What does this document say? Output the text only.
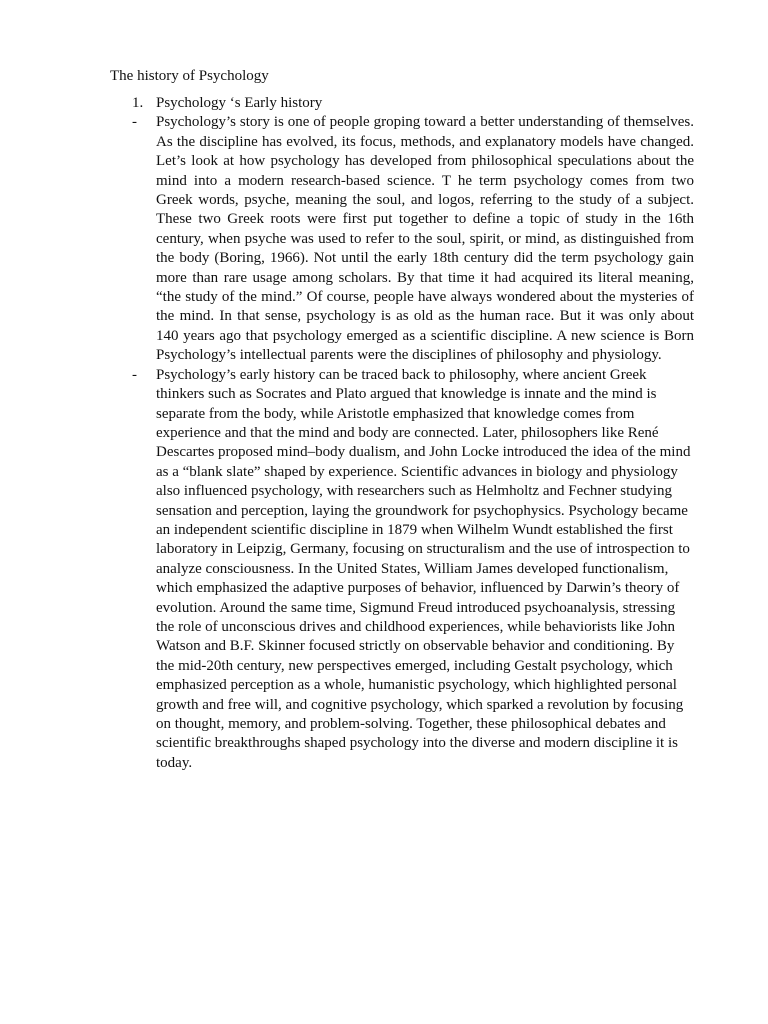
The history of Psychology
1. Psychology ‘s Early history
- Psychology’s story is one of people groping toward a better understanding of themselves. As the discipline has evolved, its focus, methods, and explanatory models have changed. Let’s look at how psychology has developed from philosophical speculations about the mind into a modern research-based science. T he term psychology comes from two Greek words, psyche, meaning the soul, and logos, referring to the study of a subject. These two Greek roots were first put together to define a topic of study in the 16th century, when psyche was used to refer to the soul, spirit, or mind, as distinguished from the body (Boring, 1966). Not until the early 18th century did the term psychology gain more than rare usage among scholars. By that time it had acquired its literal meaning, “the study of the mind.” Of course, people have always wondered about the mysteries of the mind. In that sense, psychology is as old as the human race. But it was only about 140 years ago that psychology emerged as a scientific discipline. A new science is Born Psychology’s intellectual parents were the disciplines of philosophy and physiology.
- Psychology’s early history can be traced back to philosophy, where ancient Greek thinkers such as Socrates and Plato argued that knowledge is innate and the mind is separate from the body, while Aristotle emphasized that knowledge comes from experience and that the mind and body are connected. Later, philosophers like René Descartes proposed mind–body dualism, and John Locke introduced the idea of the mind as a “blank slate” shaped by experience. Scientific advances in biology and physiology also influenced psychology, with researchers such as Helmholtz and Fechner studying sensation and perception, laying the groundwork for psychophysics. Psychology became an independent scientific discipline in 1879 when Wilhelm Wundt established the first laboratory in Leipzig, Germany, focusing on structuralism and the use of introspection to analyze consciousness. In the United States, William James developed functionalism, which emphasized the adaptive purposes of behavior, influenced by Darwin’s theory of evolution. Around the same time, Sigmund Freud introduced psychoanalysis, stressing the role of unconscious drives and childhood experiences, while behaviorists like John Watson and B.F. Skinner focused strictly on observable behavior and conditioning. By the mid-20th century, new perspectives emerged, including Gestalt psychology, which emphasized perception as a whole, humanistic psychology, which highlighted personal growth and free will, and cognitive psychology, which sparked a revolution by focusing on thought, memory, and problem-solving. Together, these philosophical debates and scientific breakthroughs shaped psychology into the diverse and modern discipline it is today.
